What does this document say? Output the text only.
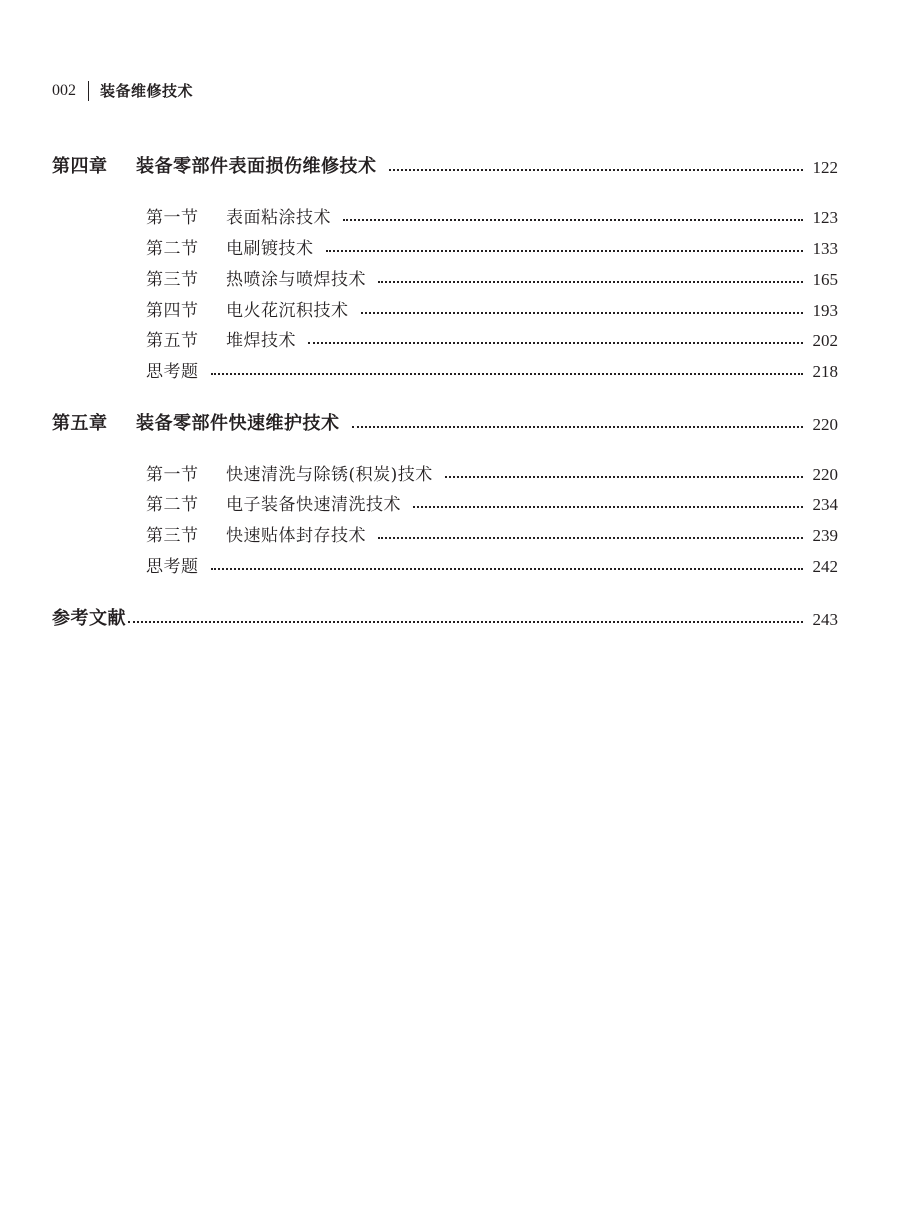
002 装备维修技术
第四章	装备零部件表面损伤维修技术	122
第一节	表面粘涂技术	123
第二节	电刷镀技术	133
第三节	热喷涂与喷焊技术	165
第四节	电火花沉积技术	193
第五节	堆焊技术	202
思考题	218
第五章	装备零部件快速维护技术	220
第一节	快速清洗与除锈(积炭)技术	220
第二节	电子装备快速清洗技术	234
第三节	快速贴体封存技术	239
思考题	242
参考文献	243
